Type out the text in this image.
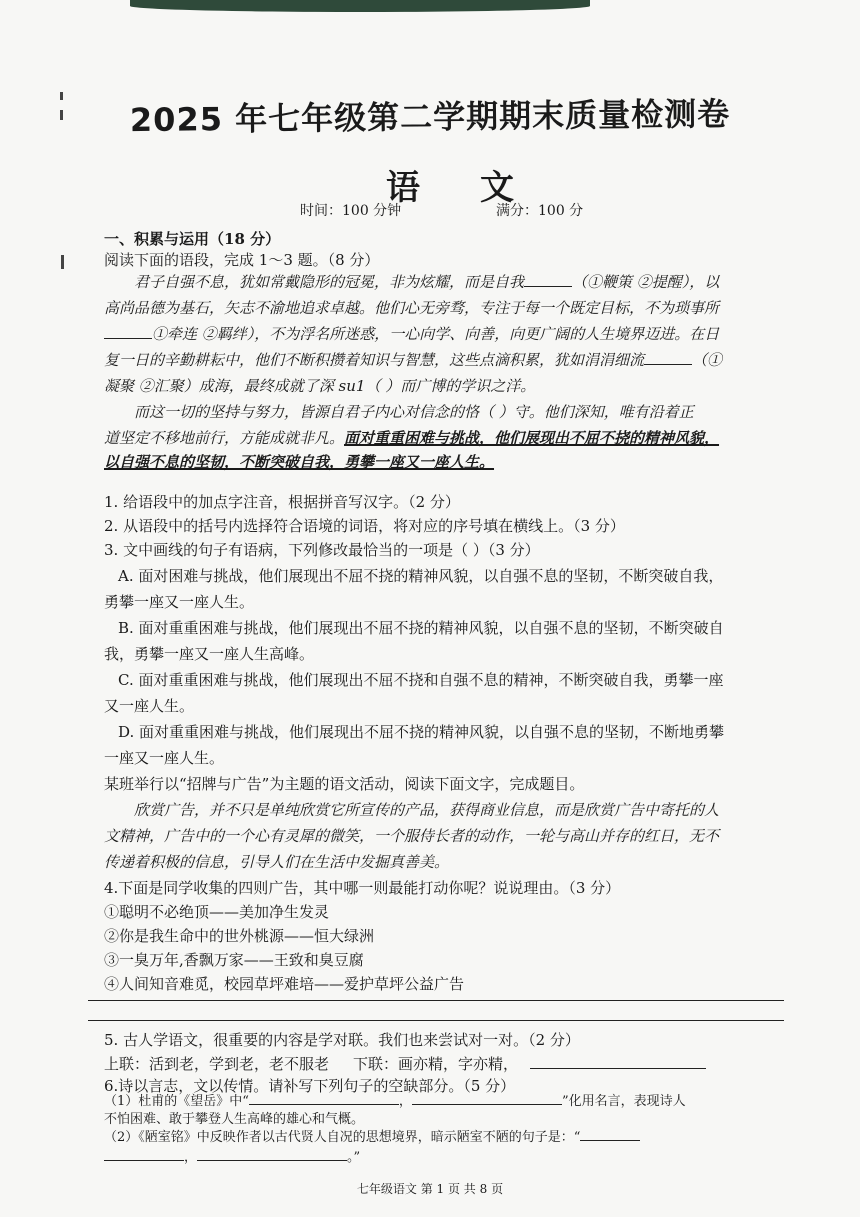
2025 年七年级第二学期期末质量检测卷
语文
时间：100 分钟	满分：100 分
一、积累与运用（18 分）
阅读下面的语段，完成 1～3 题。（8 分）
君子自强不息，犹如常戴隐形的冠冕，非为炫耀，而是自我	（①鞭策 ②提醒），以
高尚品德为基石，矢志不渝地追求卓越。他们心无旁骛，专注于每一个既定目标，不为琐事所
①牵连 ②羁绊），不为浮名所迷惑，一心向学、向善，向更广阔的人生境界迈进。在日
复一日的辛勤耕耘中，他们不断积攒着知识与智慧，这些点滴积累，犹如涓涓细流	（①
凝聚 ②汇聚）成海，最终成就了深 su1（ ）而广博的学识之洋。
而这一切的坚持与努力，皆源自君子内心对信念的恪（ ）守。他们深知，唯有沿着正
道坚定不移地前行，方能成就非凡。面对重重困难与挑战，他们展现出不屈不挠的精神风貌，
以自强不息的坚韧，不断突破自我，勇攀一座又一座人生。
1. 给语段中的加点字注音，根据拼音写汉字。（2 分）
2. 从语段中的括号内选择符合语境的词语，将对应的序号填在横线上。（3 分）
3. 文中画线的句子有语病，下列修改最恰当的一项是（ ）（3 分）
A. 面对困难与挑战，他们展现出不屈不挠的精神风貌，以自强不息的坚韧，不断突破自我，
勇攀一座又一座人生。
B. 面对重重困难与挑战，他们展现出不屈不挠的精神风貌，以自强不息的坚韧，不断突破自
我，勇攀一座又一座人生高峰。
C. 面对重重困难与挑战，他们展现出不屈不挠和自强不息的精神，不断突破自我，勇攀一座
又一座人生。
D. 面对重重困难与挑战，他们展现出不屈不挠的精神风貌，以自强不息的坚韧，不断地勇攀
一座又一座人生。
某班举行以“招牌与广告”为主题的语文活动，阅读下面文字，完成题目。
欣赏广告，并不只是单纯欣赏它所宣传的产品，获得商业信息，而是欣赏广告中寄托的人
文精神，广告中的一个心有灵犀的微笑，一个服侍长者的动作，一轮与高山并存的红日，无不
传递着积极的信息，引导人们在生活中发掘真善美。
4.下面是同学收集的四则广告，其中哪一则最能打动你呢？说说理由。（3 分）
①聪明不必绝顶——美加净生发灵
②你是我生命中的世外桃源——恒大绿洲
③一臭万年,香飘万家——王致和臭豆腐
④人间知音难觅，校园草坪难培——爱护草坪公益广告
5. 古人学语文，很重要的内容是学对联。我们也来尝试对一对。（2 分）
上联：活到老，学到老，老不服老 下联：画亦精，字亦精，
6.诗以言志，文以传情。请补写下列句子的空缺部分。（5 分）
（1）杜甫的《望岳》中“	，	”化用名言，表现诗人
不怕困难、敢于攀登人生高峰的雄心和气概。
（2）《陋室铭》中反映作者以古代贤人自况的思想境界，暗示陋室不陋的句子是：“
，	。”
七年级语文 第 1 页 共 8 页
